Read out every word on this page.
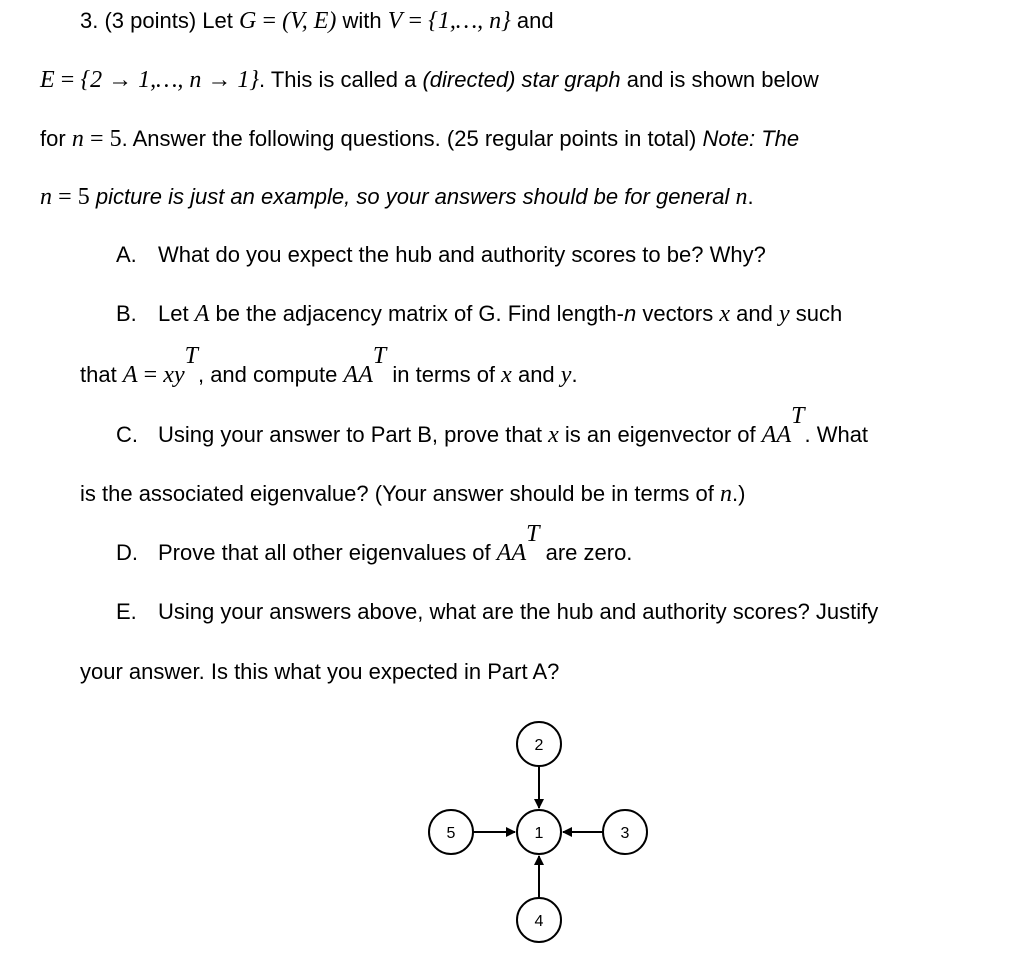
3. (3 points) Let G = (V, E) with V = {1,…, n} and
E = {2 → 1,…, n → 1}. This is called a (directed) star graph and is shown below
for n = 5. Answer the following questions. (25 regular points in total) Note: The
n = 5 picture is just an example, so your answers should be for general n.
A. What do you expect the hub and authority scores to be? Why?
B. Let A be the adjacency matrix of G. Find length-n vectors x and y such
that $A = xy^T$, and compute $AA^T$ in terms of x and y.
C. Using your answer to Part B, prove that x is an eigenvector of $AA^T$. What
is the associated eigenvalue? (Your answer should be in terms of n.)
D. Prove that all other eigenvalues of $AA^T$ are zero.
E. Using your answers above, what are the hub and authority scores? Justify
your answer. Is this what you expected in Part A?
1
2
3
4
5
